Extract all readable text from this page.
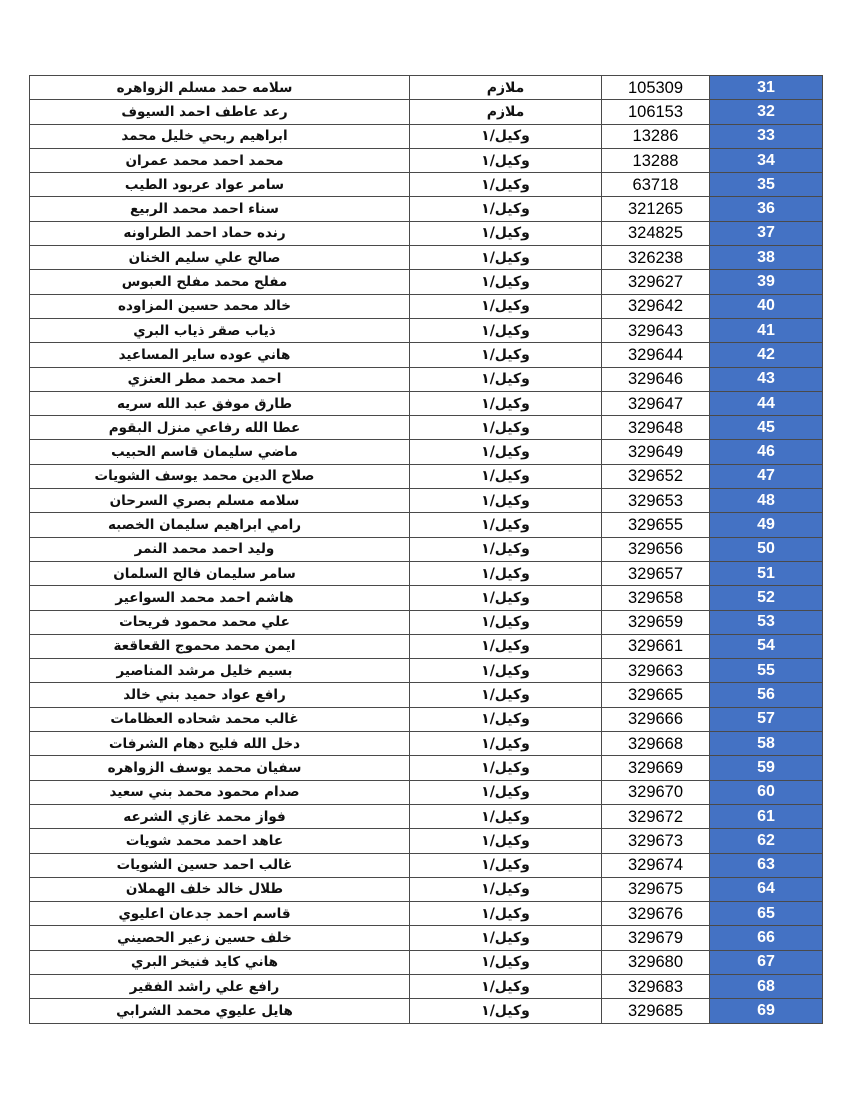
سلامه حمد مسلم الزواهره	ملازم	105309	31
رعد عاطف احمد السيوف	ملازم	106153	32
ابراهيم ربحي خليل محمد	وكيل/١	13286	33
محمد احمد محمد عمران	وكيل/١	13288	34
سامر عواد عربود الطيب	وكيل/١	63718	35
سناء احمد محمد الربيع	وكيل/١	321265	36
رنده حماد احمد الطراونه	وكيل/١	324825	37
صالح علي سليم الخنان	وكيل/١	326238	38
مفلح محمد مفلح العبوس	وكيل/١	329627	39
خالد محمد حسين المزاوده	وكيل/١	329642	40
ذياب صقر ذياب البري	وكيل/١	329643	41
هاني عوده ساير المساعيد	وكيل/١	329644	42
احمد محمد مطر العنزي	وكيل/١	329646	43
طارق موفق عبد الله سريه	وكيل/١	329647	44
عطا الله رفاعي منزل البقوم	وكيل/١	329648	45
ماضي سليمان قاسم الحبيب	وكيل/١	329649	46
صلاح الدين محمد يوسف الشويات	وكيل/١	329652	47
سلامه مسلم بصري السرحان	وكيل/١	329653	48
رامي ابراهيم سليمان الخصبه	وكيل/١	329655	49
وليد احمد محمد النمر	وكيل/١	329656	50
سامر سليمان فالح السلمان	وكيل/١	329657	51
هاشم احمد محمد السواعير	وكيل/١	329658	52
علي محمد محمود فريحات	وكيل/١	329659	53
ايمن محمد محموج القعاقعة	وكيل/١	329661	54
بسيم خليل مرشد المناصير	وكيل/١	329663	55
رافع عواد حميد بني خالد	وكيل/١	329665	56
غالب محمد شحاده العظامات	وكيل/١	329666	57
دخل الله فليح دهام الشرفات	وكيل/١	329668	58
سفيان محمد يوسف الزواهره	وكيل/١	329669	59
صدام محمود محمد بني سعيد	وكيل/١	329670	60
فواز محمد غازي الشرعه	وكيل/١	329672	61
عاهد احمد محمد شويات	وكيل/١	329673	62
غالب احمد حسين الشويات	وكيل/١	329674	63
طلال خالد خلف الهملان	وكيل/١	329675	64
قاسم احمد جدعان اعليوي	وكيل/١	329676	65
خلف حسين زعير الحصيني	وكيل/١	329679	66
هاني كايد فنيخر البري	وكيل/١	329680	67
رافع علي راشد الفقير	وكيل/١	329683	68
هايل عليوي محمد الشرابي	وكيل/١	329685	69
